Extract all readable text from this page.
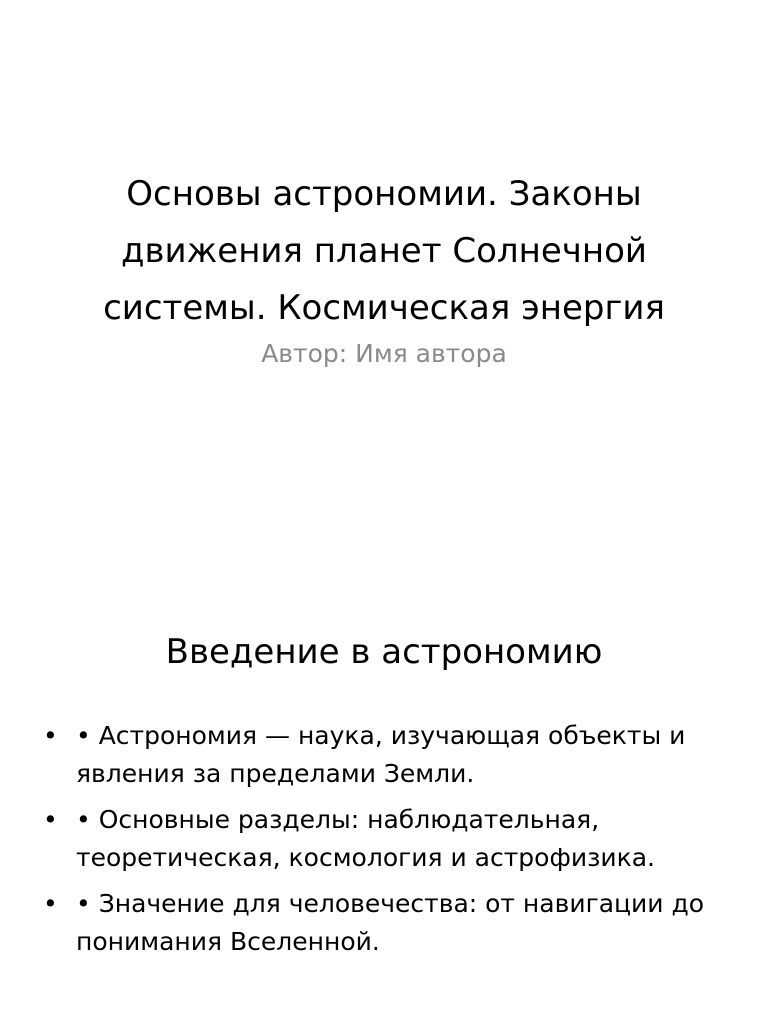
Основы астрономии. Законы движения планет Солнечной системы. Космическая энергия

Автор: Имя автора

Введение в астрономию
• • Астрономия — наука, изучающая объекты и явления за пределами Земли.
• • Основные разделы: наблюдательная, теоретическая, космология и астрофизика.
• • Значение для человечества: от навигации до понимания Вселенной.
